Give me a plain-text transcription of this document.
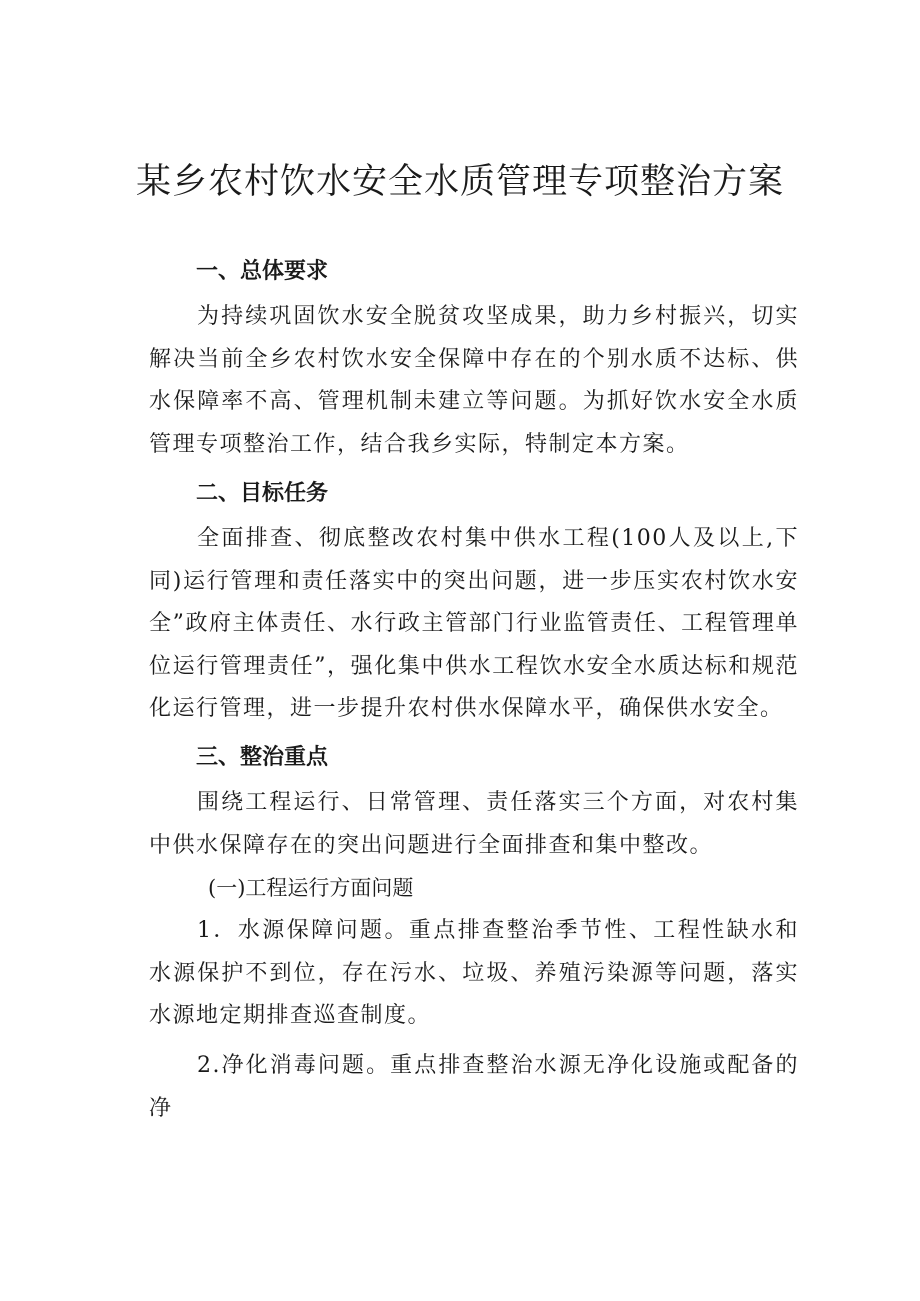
某乡农村饮水安全水质管理专项整治方案
一、总体要求
为持续巩固饮水安全脱贫攻坚成果，助力乡村振兴，切实解决当前全乡农村饮水安全保障中存在的个别水质不达标、供水保障率不高、管理机制未建立等问题。为抓好饮水安全水质管理专项整治工作，结合我乡实际，特制定本方案。
二、目标任务
全面排查、彻底整改农村集中供水工程(100人及以上,下同)运行管理和责任落实中的突出问题，进一步压实农村饮水安全”政府主体责任、水行政主管部门行业监管责任、工程管理单位运行管理责任”，强化集中供水工程饮水安全水质达标和规范化运行管理，进一步提升农村供水保障水平，确保供水安全。
三、整治重点
围绕工程运行、日常管理、责任落实三个方面，对农村集中供水保障存在的突出问题进行全面排查和集中整改。
(一)工程运行方面问题
1．水源保障问题。重点排查整治季节性、工程性缺水和水源保护不到位，存在污水、垃圾、养殖污染源等问题，落实水源地定期排查巡查制度。
2.净化消毒问题。重点排查整治水源无净化设施或配备的净
